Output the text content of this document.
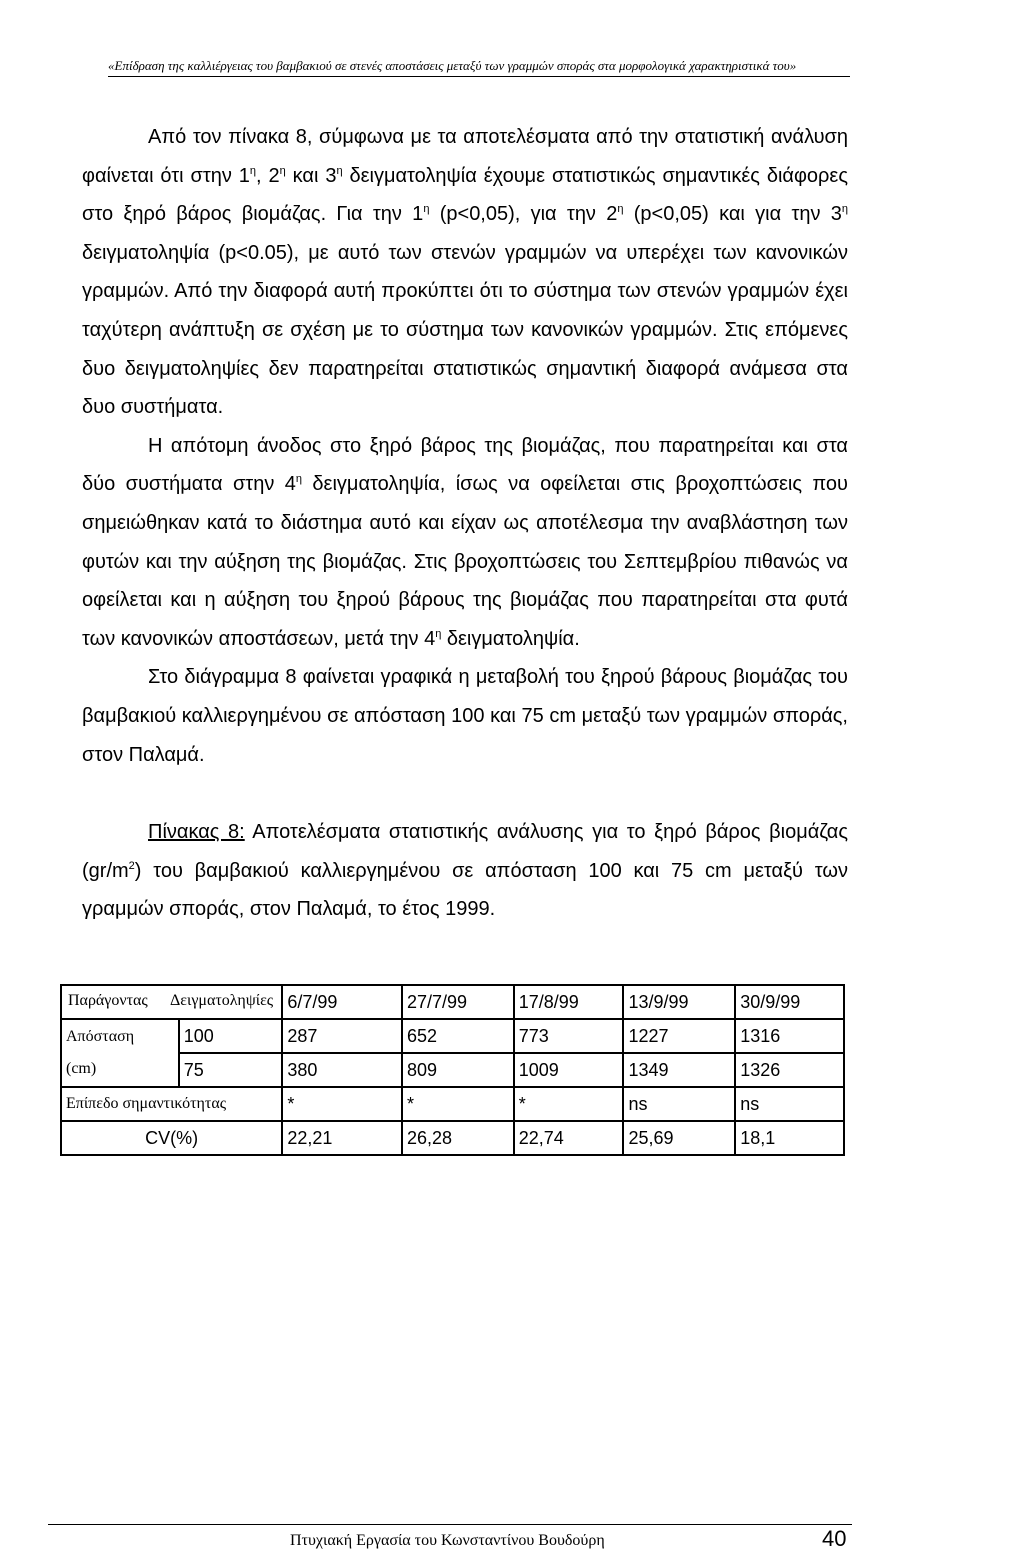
«Επίδραση της καλλιέργειας του βαμβακιού σε στενές αποστάσεις μεταξύ των γραμμών σποράς στα μορφολογικά χαρακτηριστικά του»

Από τον πίνακα 8, σύμφωνα με τα αποτελέσματα από την στατιστική ανάλυση φαίνεται ότι στην $1^\eta$, $2^\eta$ και $3^\eta$ δειγματοληψία έχουμε στατιστικώς σημαντικές διάφορες στο ξηρό βάρος βιομάζας. Για την $1^\eta$ (p<0,05), για την $2^\eta$ (p<0,05) και για την $3^\eta$ δειγματοληψία (p<0.05), με αυτό των στενών γραμμών να υπερέχει των κανονικών γραμμών. Από την διαφορά αυτή προκύπτει ότι το σύστημα των στενών γραμμών έχει ταχύτερη ανάπτυξη σε σχέση με το σύστημα των κανονικών γραμμών. Στις επόμενες δυο δειγματοληψίες δεν παρατηρείται στατιστικώς σημαντική διαφορά ανάμεσα στα δυο συστήματα.

Η απότομη άνοδος στο ξηρό βάρος της βιομάζας, που παρατηρείται και στα δύο συστήματα στην $4^\eta$ δειγματοληψία, ίσως να οφείλεται στις βροχοπτώσεις που σημειώθηκαν κατά το διάστημα αυτό και είχαν ως αποτέλεσμα την αναβλάστηση των φυτών και την αύξηση της βιομάζας. Στις βροχοπτώσεις του Σεπτεμβρίου πιθανώς να οφείλεται και η αύξηση του ξηρού βάρους της βιομάζας που παρατηρείται στα φυτά των κανονικών αποστάσεων, μετά την $4^\eta$ δειγματοληψία.

Στο διάγραμμα 8 φαίνεται γραφικά η μεταβολή του ξηρού βάρους βιομάζας του βαμβακιού καλλιεργημένου σε απόσταση 100 και 75 cm μεταξύ των γραμμών σποράς, στον Παλαμά.

Πίνακας 8: Αποτελέσματα στατιστικής ανάλυσης για το ξηρό βάρος βιομάζας $(gr/m^2)$ του βαμβακιού καλλιεργημένου σε απόσταση 100 και 75 cm μεταξύ των γραμμών σποράς, στον Παλαμά, το έτος 1999.

Δειγματοληψίες
Παράγοντας		6/7/99	27/7/99	17/8/99	13/9/99	30/9/99
Απόσταση
(cm)	100	287	652	773	1227	1316
	75	380	809	1009	1349	1326
Επίπεδο σημαντικότητας		*	*	*	ns	ns
CV(%)		22,21	26,28	22,74	25,69	18,1
Πτυχιακή Εργασία του Κωνσταντίνου Βουδούρη	40
